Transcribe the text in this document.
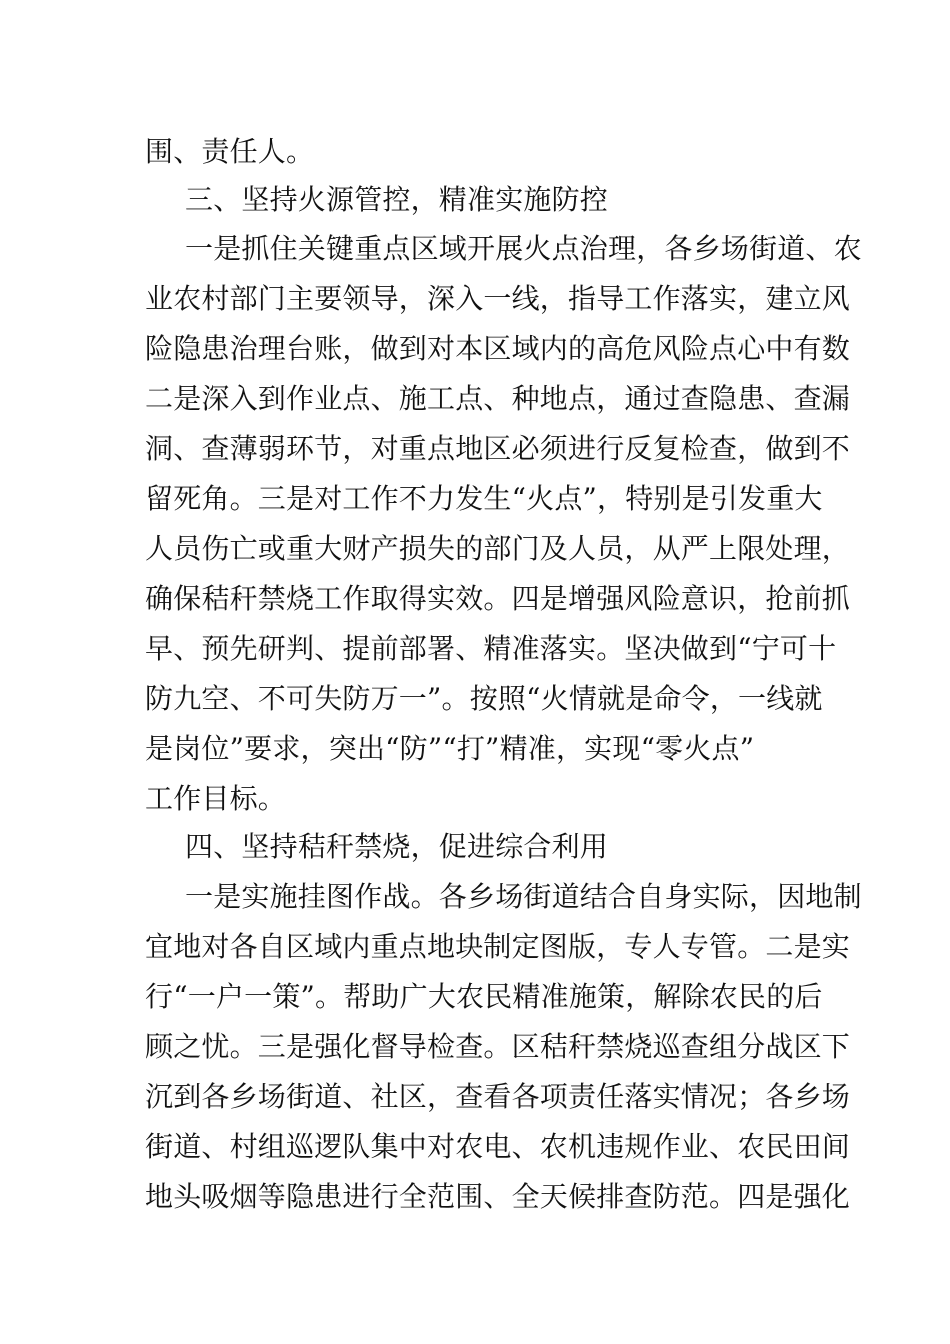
围、责任人。
三、坚持火源管控，精准实施防控
一是抓住关键重点区域开展火点治理，各乡场街道、农
业农村部门主要领导，深入一线，指导工作落实，建立风
险隐患治理台账，做到对本区域内的高危风险点心中有数
二是深入到作业点、施工点、种地点，通过查隐患、查漏
洞、查薄弱环节，对重点地区必须进行反复检查，做到不
留死角。三是对工作不力发生“火点”，特别是引发重大
人员伤亡或重大财产损失的部门及人员，从严上限处理，
确保秸秆禁烧工作取得实效。四是增强风险意识，抢前抓
早、预先研判、提前部署、精准落实。坚决做到“宁可十
防九空、不可失防万一”。按照“火情就是命令，一线就
是岗位”要求，突出“防”“打”精准，实现“零火点”
工作目标。
四、坚持秸秆禁烧，促进综合利用
一是实施挂图作战。各乡场街道结合自身实际，因地制
宜地对各自区域内重点地块制定图版，专人专管。二是实
行“一户一策”。帮助广大农民精准施策，解除农民的后
顾之忧。三是强化督导检查。区秸秆禁烧巡查组分战区下
沉到各乡场街道、社区，查看各项责任落实情况；各乡场
街道、村组巡逻队集中对农电、农机违规作业、农民田间
地头吸烟等隐患进行全范围、全天候排查防范。四是强化
